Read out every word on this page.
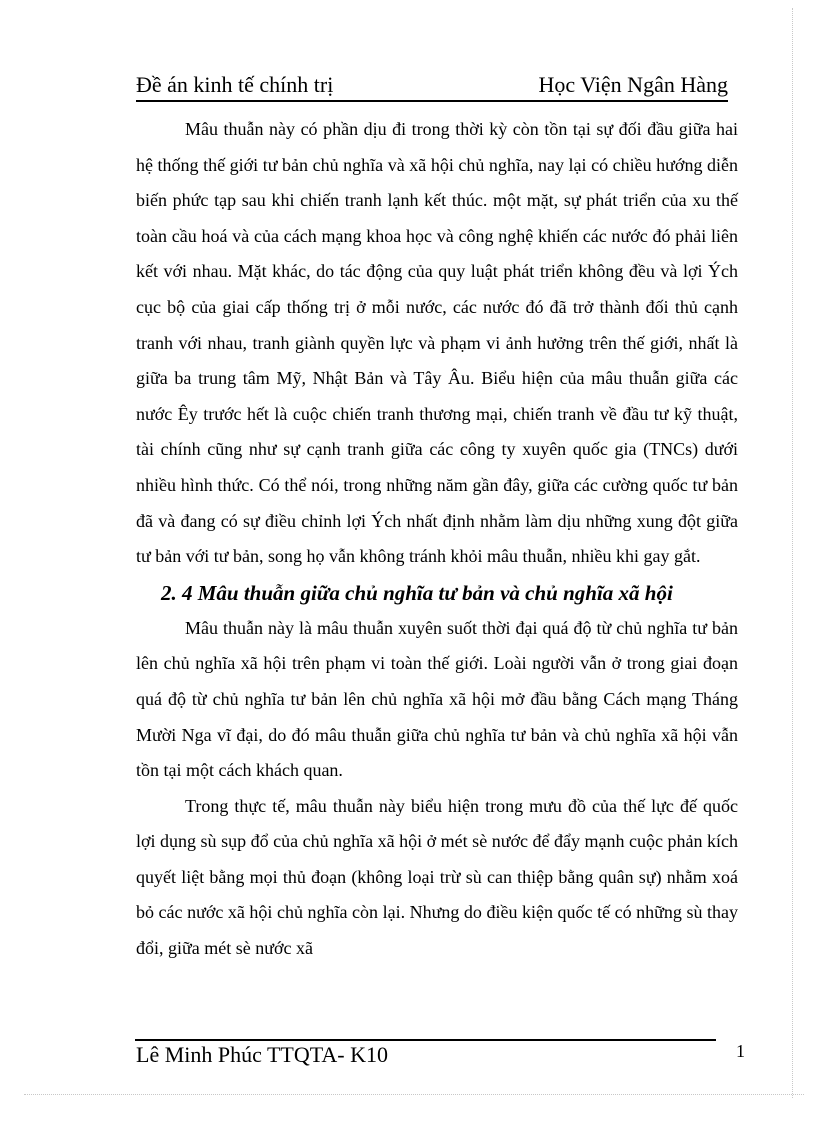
Đề án kinh tế chính trị	Học Viện Ngân Hàng

Mâu thuẫn này có phần dịu đi trong thời kỳ còn tồn tại sự đối đầu giữa hai hệ thống thế giới tư bản chủ nghĩa và xã hội chủ nghĩa, nay lại có chiều hướng diễn biến phức tạp sau khi chiến tranh lạnh kết thúc. một mặt, sự phát triển của xu thế toàn cầu hoá và của cách mạng khoa học và công nghệ khiến các nước đó phải liên kết với nhau. Mặt khác, do tác động của quy luật phát triển không đều và lợi Ých cục bộ của giai cấp thống trị ở mỗi nước, các nước đó đã trở thành đối thủ cạnh tranh với nhau, tranh giành quyền lực và phạm vi ảnh hưởng trên thế giới, nhất là giữa ba trung tâm Mỹ, Nhật Bản và Tây Âu. Biểu hiện của mâu thuẫn giữa các nước Êy trước hết là cuộc chiến tranh thương mại, chiến tranh về đầu tư kỹ thuật, tài chính cũng như sự cạnh tranh giữa các công ty xuyên quốc gia (TNCs) dưới nhiều hình thức. Có thể nói, trong những năm gần đây, giữa các cường quốc tư bản đã và đang có sự điều chỉnh lợi Ých nhất định nhằm làm dịu những xung đột giữa tư bản với tư bản, song họ vẫn không tránh khỏi mâu thuẫn, nhiều khi gay gắt.

2. 4 Mâu thuẫn giữa chủ nghĩa tư bản và chủ nghĩa xã hội

Mâu thuẫn này là mâu thuẫn xuyên suốt thời đại quá độ từ chủ nghĩa tư bản lên chủ nghĩa xã hội trên phạm vi toàn thế giới. Loài người vẫn ở trong giai đoạn quá độ từ chủ nghĩa tư bản lên chủ nghĩa xã hội mở đầu bằng Cách mạng Tháng Mười Nga vĩ đại, do đó mâu thuẫn giữa chủ nghĩa tư bản và chủ nghĩa xã hội vẫn tồn tại một cách khách quan.

Trong thực tế, mâu thuẫn này biểu hiện trong mưu đồ của thế lực đế quốc lợi dụng sù sụp đổ của chủ nghĩa xã hội ở mét sè nước để đẩy mạnh cuộc phản kích quyết liệt bằng mọi thủ đoạn (không loại trừ sù can thiệp bằng quân sự) nhằm xoá bỏ các nước xã hội chủ nghĩa còn lại. Nhưng do điều kiện quốc tế có những sù thay đổi, giữa mét sè nước xã

Lê Minh Phúc TTQTA- K10	1
